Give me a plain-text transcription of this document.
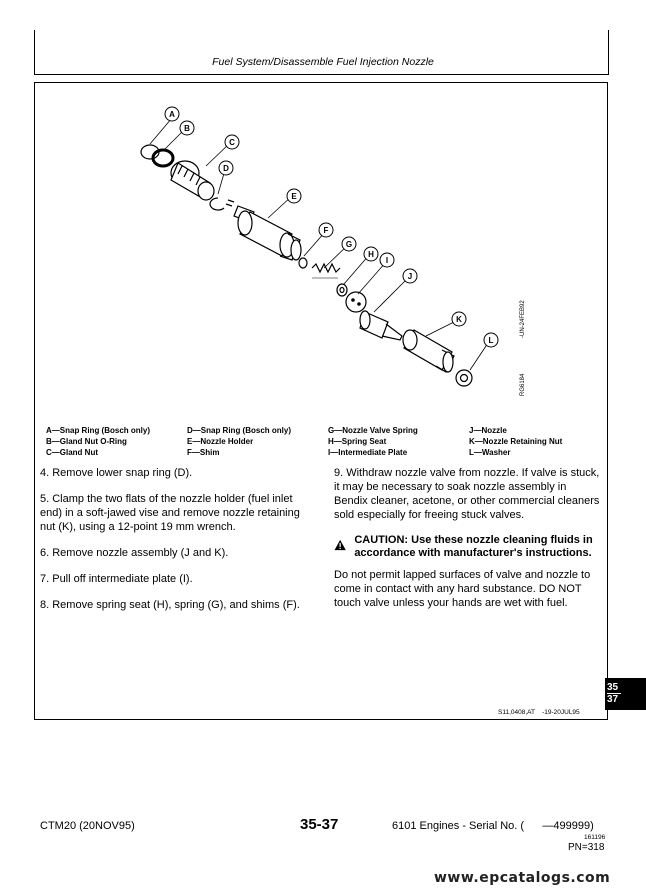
Fuel System/Disassemble Fuel Injection Nozzle
A
B
C
D
E
F
G
H
I
J
K
L
RG6184
-UN-24FEB92
A—Snap Ring (Bosch only)
B—Gland Nut O-Ring
C—Gland Nut
D—Snap Ring (Bosch only)
E—Nozzle Holder
F—Shim
G—Nozzle Valve Spring
H—Spring Seat
I—Intermediate Plate
J—Nozzle
K—Nozzle Retaining Nut
L—Washer
4. Remove lower snap ring (D).
5. Clamp the two flats of the nozzle holder (fuel inlet end) in a soft-jawed vise and remove nozzle retaining nut (K), using a 12-point 19 mm wrench.
6. Remove nozzle assembly (J and K).
7. Pull off intermediate plate (I).
8. Remove spring seat (H), spring (G), and shims (F).
9. Withdraw nozzle valve from nozzle. If valve is stuck, it may be necessary to soak nozzle assembly in Bendix cleaner, acetone, or other commercial cleaners sold especially for freeing stuck valves.
CAUTION: Use these nozzle cleaning fluids in accordance with manufacturer's instructions.
Do not permit lapped surfaces of valve and nozzle to come in contact with any hard substance. DO NOT touch valve unless your hands are wet with fuel.
S11,0408,AT    -19-20JUL95
35
37
CTM20 (20NOV95)	35-37	6101 Engines - Serial No. (      —499999)
161196
PN=318
www.epcatalogs.com
